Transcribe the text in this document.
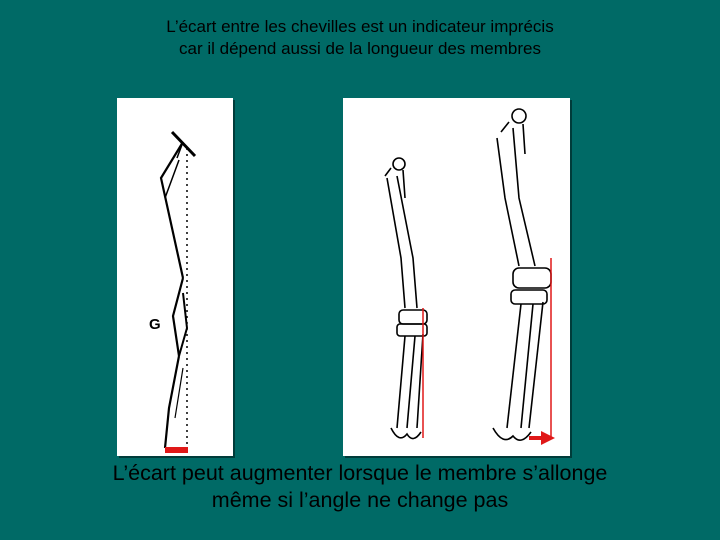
L’écart entre les chevilles est un indicateur imprécis
car il dépend aussi de la longueur des membres
G
L’écart peut augmenter lorsque le membre s’allonge
même si l’angle ne change pas
